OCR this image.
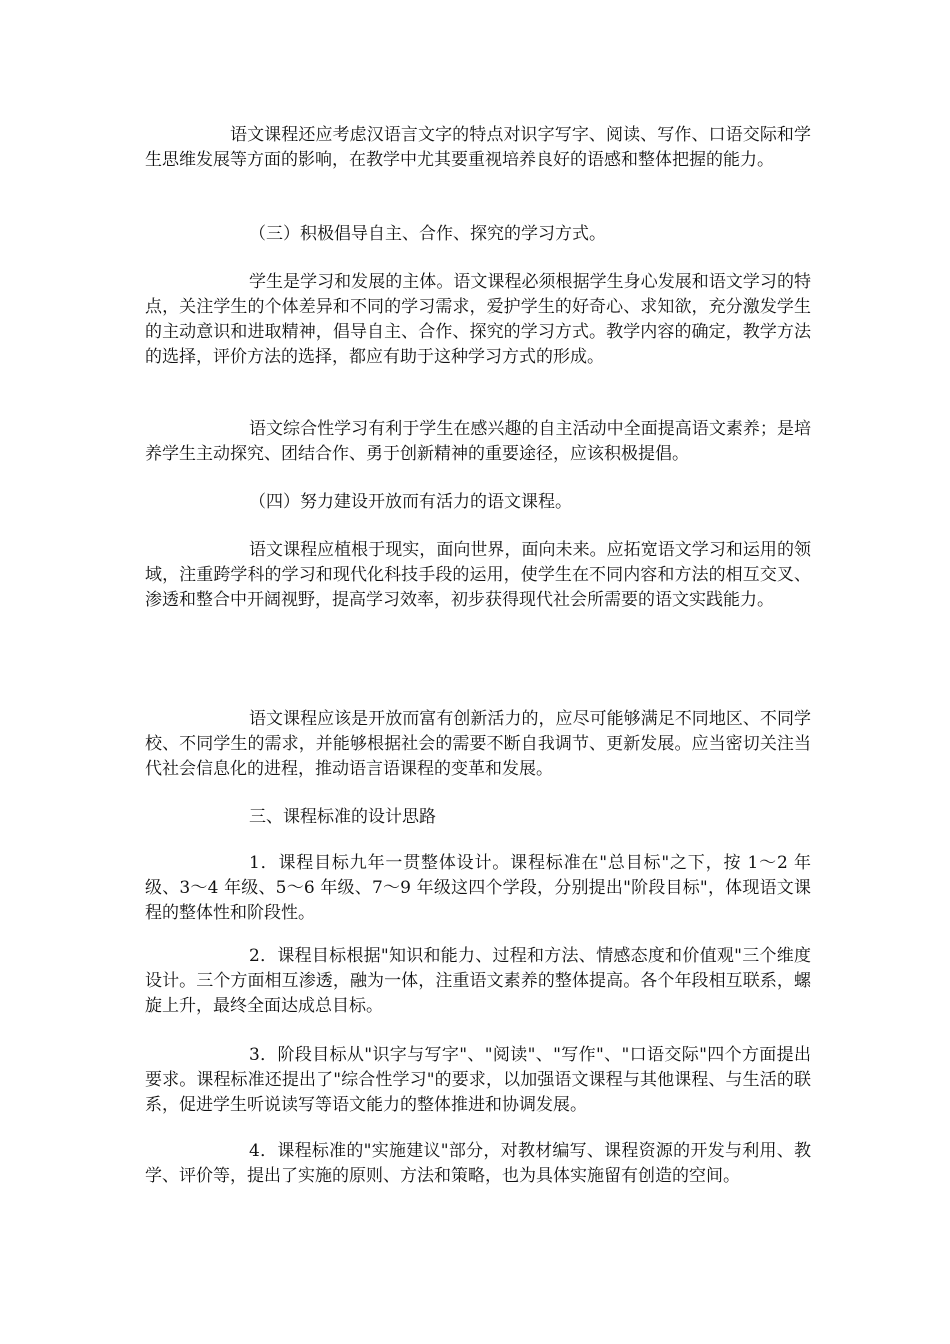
语文课程还应考虑汉语言文字的特点对识字写字、阅读、写作、口语交际和学生思维发展等方面的影响，在教学中尤其要重视培养良好的语感和整体把握的能力。

（三）积极倡导自主、合作、探究的学习方式。

学生是学习和发展的主体。语文课程必须根据学生身心发展和语文学习的特点，关注学生的个体差异和不同的学习需求，爱护学生的好奇心、求知欲，充分激发学生的主动意识和进取精神，倡导自主、合作、探究的学习方式。教学内容的确定，教学方法的选择，评价方法的选择，都应有助于这种学习方式的形成。

语文综合性学习有利于学生在感兴趣的自主活动中全面提高语文素养；是培养学生主动探究、团结合作、勇于创新精神的重要途径，应该积极提倡。

（四）努力建设开放而有活力的语文课程。

语文课程应植根于现实，面向世界，面向未来。应拓宽语文学习和运用的领域，注重跨学科的学习和现代化科技手段的运用，使学生在不同内容和方法的相互交叉、渗透和整合中开阔视野，提高学习效率，初步获得现代社会所需要的语文实践能力。

语文课程应该是开放而富有创新活力的，应尽可能够满足不同地区、不同学校、不同学生的需求，并能够根据社会的需要不断自我调节、更新发展。应当密切关注当代社会信息化的进程，推动语言语课程的变革和发展。

三、课程标准的设计思路

1．课程目标九年一贯整体设计。课程标准在"总目标"之下，按 1～2 年级、3～4 年级、5～6 年级、7～9 年级这四个学段，分别提出"阶段目标"，体现语文课程的整体性和阶段性。

2．课程目标根据"知识和能力、过程和方法、情感态度和价值观"三个维度设计。三个方面相互渗透，融为一体，注重语文素养的整体提高。各个年段相互联系，螺旋上升，最终全面达成总目标。

3．阶段目标从"识字与写字"、"阅读"、"写作"、"口语交际"四个方面提出要求。课程标准还提出了"综合性学习"的要求，以加强语文课程与其他课程、与生活的联系，促进学生听说读写等语文能力的整体推进和协调发展。

4．课程标准的"实施建议"部分，对教材编写、课程资源的开发与利用、教学、评价等，提出了实施的原则、方法和策略，也为具体实施留有创造的空间。
